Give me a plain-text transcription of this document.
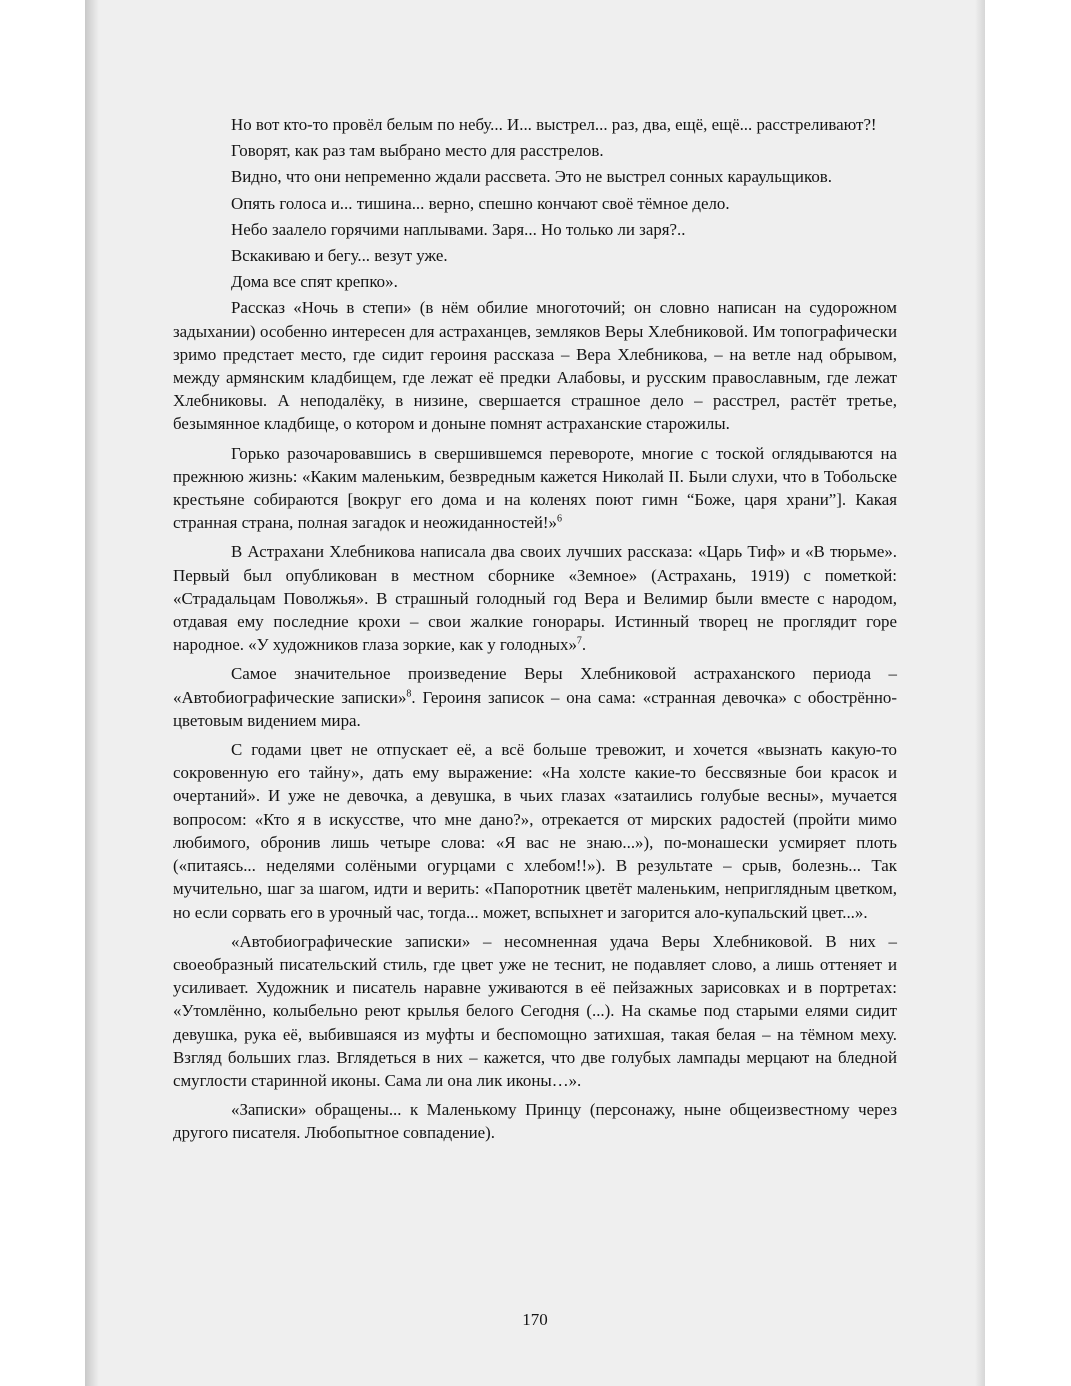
Но вот кто-то провёл белым по небу... И... выстрел... раз, два, ещё, ещё... расстреливают?!

Говорят, как раз там выбрано место для расстрелов.

Видно, что они непременно ждали рассвета. Это не выстрел сонных караульщиков.

Опять голоса и... тишина... верно, спешно кончают своё тёмное дело.

Небо заалело горячими наплывами. Заря... Но только ли заря?..

Вскакиваю и бегу... везут уже.

Дома все спят крепко».

Рассказ «Ночь в степи» (в нём обилие многоточий; он словно написан на судорожном задыхании) особенно интересен для астраханцев, земляков Веры Хлебниковой. Им топографически зримо предстает место, где сидит героиня рассказа – Вера Хлебникова, – на ветле над обрывом, между армянским кладбищем, где лежат её предки Алабовы, и русским православным, где лежат Хлебниковы. А неподалёку, в низине, свершается страшное дело – расстрел, растёт третье, безымянное кладбище, о котором и доныне помнят астраханские старожилы.

Горько разочаровавшись в свершившемся перевороте, многие с тоской оглядываются на прежнюю жизнь: «Каким маленьким, безвредным кажется Николай II. Были слухи, что в Тобольске крестьяне собираются [вокруг его дома и на коленях поют гимн “Боже, царя храни”]. Какая странная страна, полная загадок и неожиданностей!»$^6$

В Астрахани Хлебникова написала два своих лучших рассказа: «Царь Тиф» и «В тюрьме». Первый был опубликован в местном сборнике «Земное» (Астрахань, 1919) с пометкой: «Страдальцам Поволжья». В страшный голодный год Вера и Велимир были вместе с народом, отдавая ему последние крохи – свои жалкие гонорары. Истинный творец не проглядит горе народное. «У художников глаза зоркие, как у голодных»$^7$.

Самое значительное произведение Веры Хлебниковой астраханского периода – «Автобиографические записки»$^8$. Героиня записок – она сама: «странная девочка» с обострённо-цветовым видением мира.

С годами цвет не отпускает её, а всё больше тревожит, и хочется «вызнать какую-то сокровенную его тайну», дать ему выражение: «На холсте какие-то бессвязные бои красок и очертаний». И уже не девочка, а девушка, в чьих глазах «затаились голубые весны», мучается вопросом: «Кто я в искусстве, что мне дано?», отрекается от мирских радостей (пройти мимо любимого, обронив лишь четыре слова: «Я вас не знаю...»), по-монашески усмиряет плоть («питаясь... неделями солёными огурцами с хлебом!!»). В результате – срыв, болезнь... Так мучительно, шаг за шагом, идти и верить: «Папоротник цветёт маленьким, неприглядным цветком, но если сорвать его в урочный час, тогда... может, вспыхнет и загорится ало-купальский цвет...».

«Автобиографические записки» – несомненная удача Веры Хлебниковой. В них – своеобразный писательский стиль, где цвет уже не теснит, не подавляет слово, а лишь оттеняет и усиливает. Художник и писатель наравне уживаются в её пейзажных зарисовках и в портретах: «Утомлённо, колыбельно реют крылья белого Сегодня (...). На скамье под старыми елями сидит девушка, рука её, выбившаяся из муфты и беспомощно затихшая, такая белая – на тёмном меху. Взгляд больших глаз. Вглядеться в них – кажется, что две голубых лампады мерцают на бледной смуглости старинной иконы. Сама ли она лик иконы…».

«Записки» обращены... к Маленькому Принцу (персонажу, ныне общеизвестному через другого писателя. Любопытное совпадение).

170
